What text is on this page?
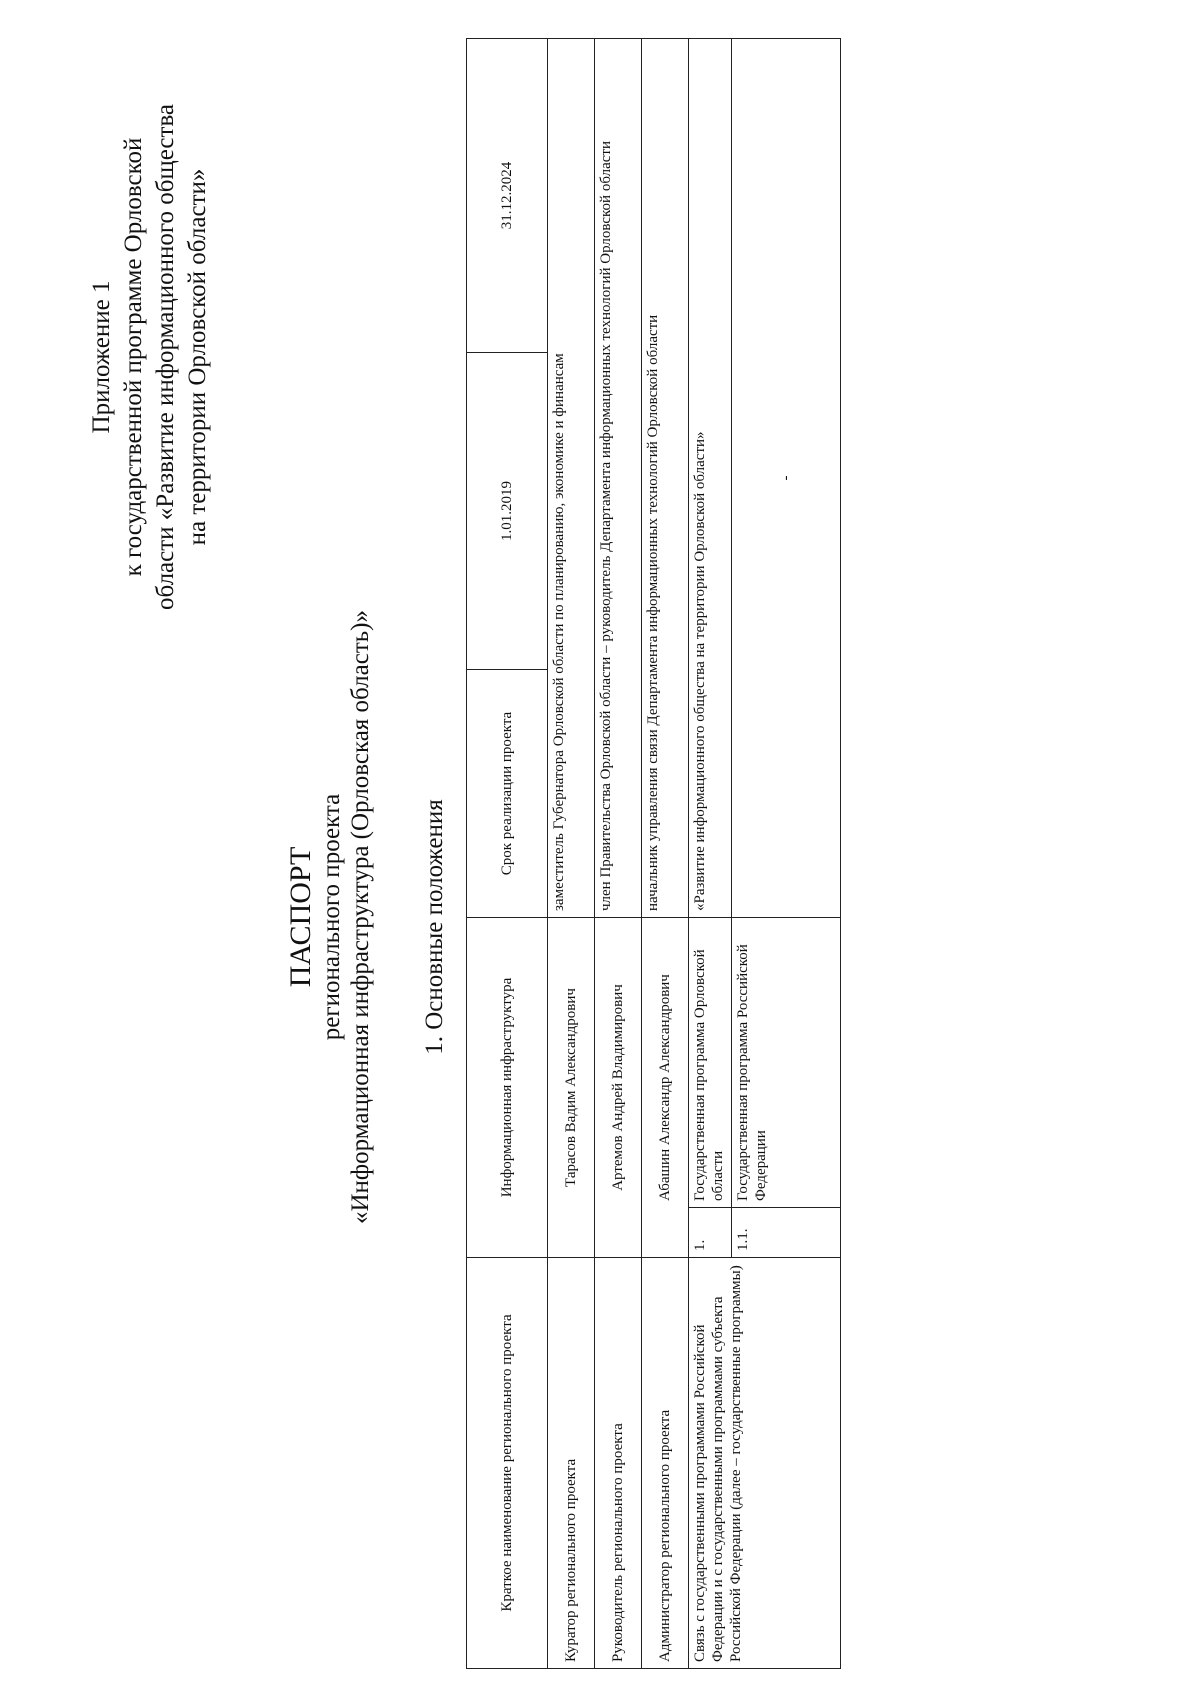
Приложение 1 к государственной программе Орловской области «Развитие информационного общества на территории Орловской области»
ПАСПОРТ регионального проекта «Информационная инфраструктура (Орловская область)» 1. Основные положения
Краткое наименование регионального проекта	Информационная инфраструктура		Срок реализации проекта	1.01.2019	31.12.2024
Куратор регионального проекта	Тарасов Вадим Александрович		заместитель Губернатора Орловской области по планированию, экономике и финансам		
Руководитель регионального проекта	Артемов Андрей Владимирович		член Правительства Орловской области – руководитель Департамента информационных технологий Орловской области		
Администратор регионального проекта	Абашин Александр Александрович		начальник управления связи Департамента информационных технологий Орловской области		
Связь с государственными программами Российской Федерации и с государственными программами субъекта Российской Федерации (далее – государственные программы)	1.	Государственная программа Орловской области	«Развитие информационного общества на территории Орловской области»		
	1.1.	Государственная программа Российской Федерации	-		
